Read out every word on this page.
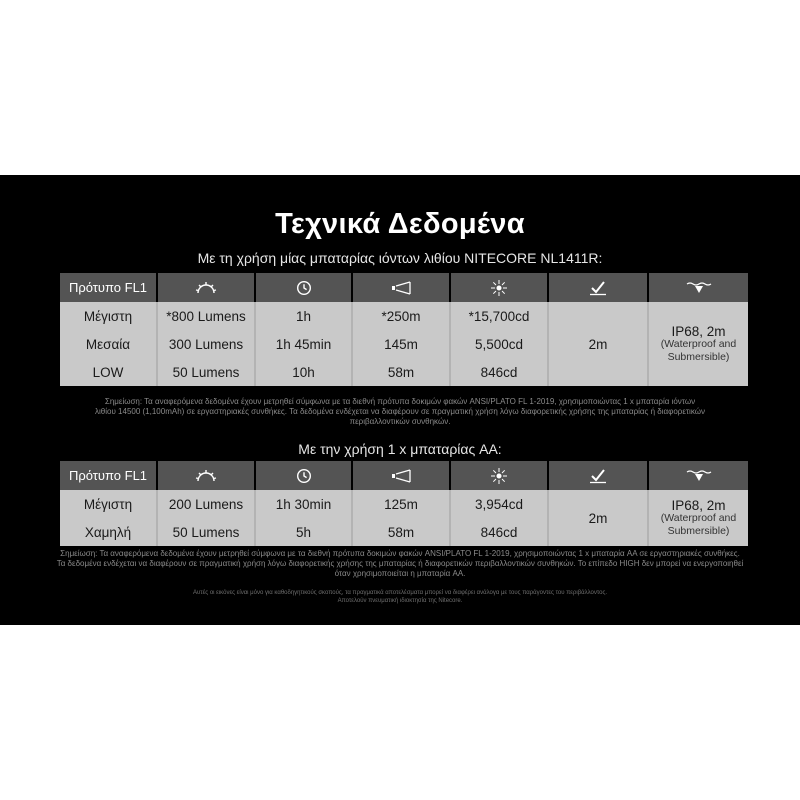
Τεχνικά Δεδομένα
Με τη χρήση μίας μπαταρίας ιόντων λιθίου NITECORE NL1411R:
Πρότυπο FL1						
Μέγιστη	*800 Lumens	1h	*250m	*15,700cd	2m	IP68, 2m
(Waterproof and
Submersible)
Μεσαία	300 Lumens	1h 45min	145m	5,500cd		
LOW	50 Lumens	10h	58m	846cd		
Σημείωση: Τα αναφερόμενα δεδομένα έχουν μετρηθεί σύμφωνα με τα διεθνή πρότυπα δοκιμών φακών ANSI/PLATO FL 1-2019, χρησιμοποιώντας 1 x μπαταρία ιόντων λιθίου 14500 (1,100mAh) σε εργαστηριακές συνθήκες. Τα δεδομένα ενδέχεται να διαφέρουν σε πραγματική χρήση λόγω διαφορετικής χρήσης της μπαταρίας ή διαφορετικών περιβαλλοντικών συνθηκών.
Με την χρήση 1 x μπαταρίας AA:
Πρότυπο FL1						
Μέγιστη	200 Lumens	1h 30min	125m	3,954cd	2m	IP68, 2m
(Waterproof and
Submersible)
Χαμηλή	50 Lumens	5h	58m	846cd		
Σημείωση: Τα αναφερόμενα δεδομένα έχουν μετρηθεί σύμφωνα με τα διεθνή πρότυπα δοκιμών φακών ANSI/PLATO FL 1-2019, χρησιμοποιώντας 1 x μπαταρία AA σε εργαστηριακές συνθήκες. Τα δεδομένα ενδέχεται να διαφέρουν σε πραγματική χρήση λόγω διαφορετικής χρήσης της μπαταρίας ή διαφορετικών περιβαλλοντικών συνθηκών. Το επίπεδο HIGH δεν μπορεί να ενεργοποιηθεί όταν χρησιμοποιείται η μπαταρία AA.
Αυτές οι εικόνες είναι μόνο για καθοδηγητικούς σκοπούς, τα πραγματικά αποτελέσματα μπορεί να διαφέρει ανάλογα με τους παράγοντες του περιβάλλοντος.
Αποτελούν πνευματική ιδιοκτησία της Nitecore.
